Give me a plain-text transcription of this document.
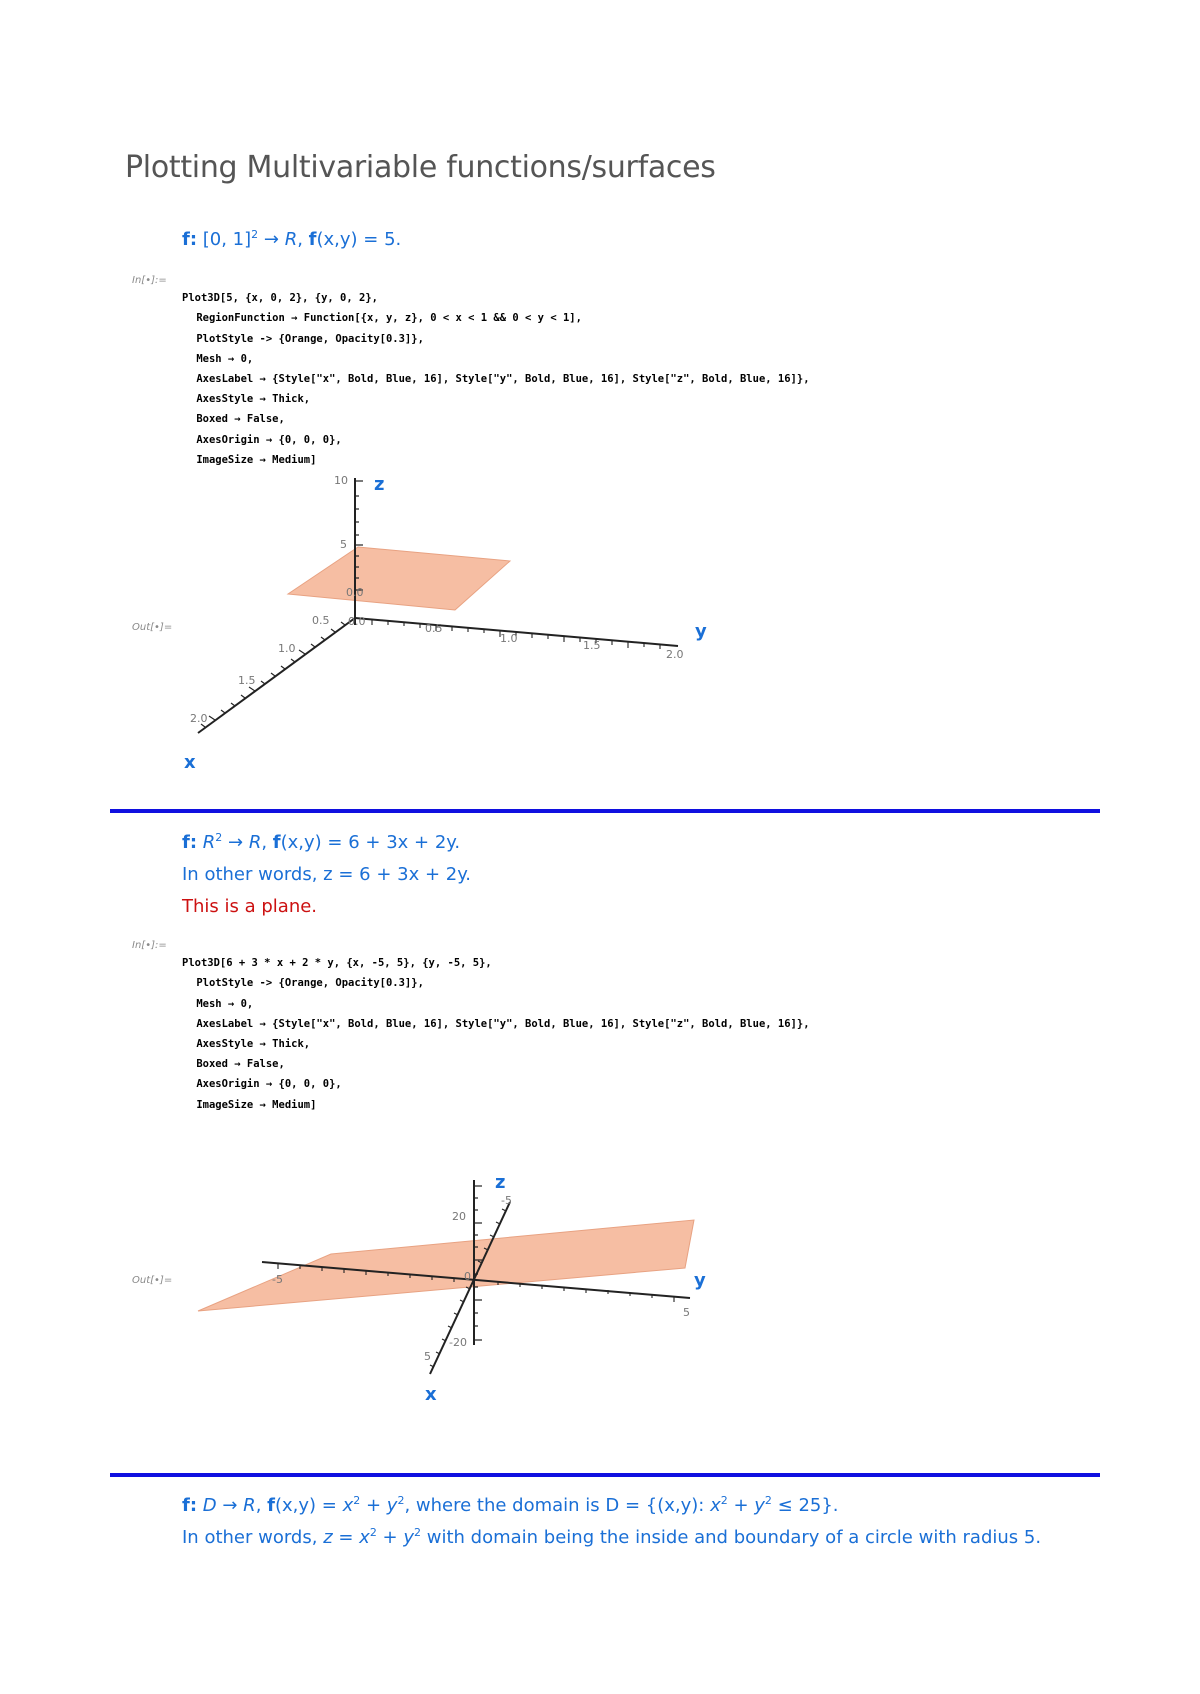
Plotting Multivariable functions/surfaces
f: [0, 1]$^2$ → R, f(x,y) = 5.
In[•]:=

Plot3D[5, {x, 0, 2}, {y, 0, 2},
RegionFunction → Function[{x, y, z}, 0 < x < 1 && 0 < y < 1],
PlotStyle -> {Orange, Opacity[0.3]},
Mesh → 0,
AxesLabel → {Style["x", Bold, Blue, 16], Style["y", Bold, Blue, 16], Style["z", Bold, Blue, 16]},
AxesStyle → Thick,
Boxed → False,
AxesOrigin → {0, 0, 0},
ImageSize → Medium]

Out[•]=
10
5
0.0
0.5
1.0
1.5
2.0
0.0
0.5
1.0
1.5
2.0
z
y
x
f: $R^2 \to R$, f(x,y) = 6 + 3x + 2y.
In other words, z = 6 + 3x + 2y.
This is a plane.
In[•]:=

Plot3D[6 + 3 * x + 2 * y, {x, -5, 5}, {y, -5, 5},
PlotStyle -> {Orange, Opacity[0.3]},
Mesh → 0,
AxesLabel → {Style["x", Bold, Blue, 16], Style["y", Bold, Blue, 16], Style["z", Bold, Blue, 16]},
AxesStyle → Thick,
Boxed → False,
AxesOrigin → {0, 0, 0},
ImageSize → Medium]

Out[•]=
20
-20
-5
5
-5
5
0
z
y
x
f: D → R, $f(x,y) = x^2 + y^2$, where the domain is D = {(x,y): $x^2 + y^2 \le 25$}.
In other words, $z = x^2 + y^2$ with domain being the inside and boundary of a circle with radius 5.
